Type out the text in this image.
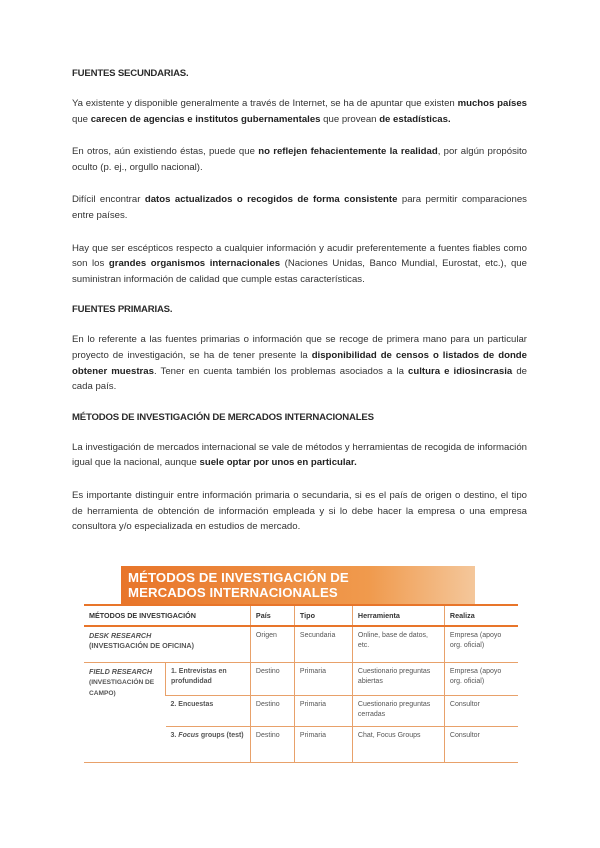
FUENTES SECUNDARIAS.

Ya existente y disponible generalmente a través de Internet, se ha de apuntar que existen muchos países que carecen de agencias e institutos gubernamentales que provean de estadísticas.

En otros, aún existiendo éstas, puede que no reflejen fehacientemente la realidad, por algún propósito oculto (p. ej., orgullo nacional).

Difícil encontrar datos actualizados o recogidos de forma consistente para permitir comparaciones entre países.

Hay que ser escépticos respecto a cualquier información y acudir preferentemente a fuentes fiables como son los grandes organismos internacionales (Naciones Unidas, Banco Mundial, Eurostat, etc.), que suministran información de calidad que cumple estas características.

FUENTES PRIMARIAS.

En lo referente a las fuentes primarias o información que se recoge de primera mano para un particular proyecto de investigación, se ha de tener presente la disponibilidad de censos o listados de donde obtener muestras. Tener en cuenta también los problemas asociados a la cultura e idiosincrasia de cada país.

MÉTODOS DE INVESTIGACIÓN DE MERCADOS INTERNACIONALES

La investigación de mercados internacional se vale de métodos y herramientas de recogida de información igual que la nacional, aunque suele optar por unos en particular.

Es importante distinguir entre información primaria o secundaria, si es el país de origen o destino, el tipo de herramienta de obtención de información empleada y si lo debe hacer la empresa o una empresa consultora y/o especializada en estudios de mercado.

MÉTODOS DE INVESTIGACIÓN DE
MERCADOS INTERNACIONALES
MÉTODOS DE INVESTIGACIÓN		País	Tipo	Herramienta	Realiza
DESK RESEARCH
(INVESTIGACIÓN DE OFICINA)		Origen	Secundaria	Online, base de datos, etc.	Empresa (apoyo org. oficial)
FIELD RESEARCH
(INVESTIGACIÓN DE CAMPO)	1. Entrevistas en profundidad	Destino	Primaria	Cuestionario preguntas abiertas	Empresa (apoyo org. oficial)
	2. Encuestas	Destino	Primaria	Cuestionario preguntas cerradas	Consultor
	3. Focus groups (test)	Destino	Primaria	Chat, Focus Groups	Consultor
